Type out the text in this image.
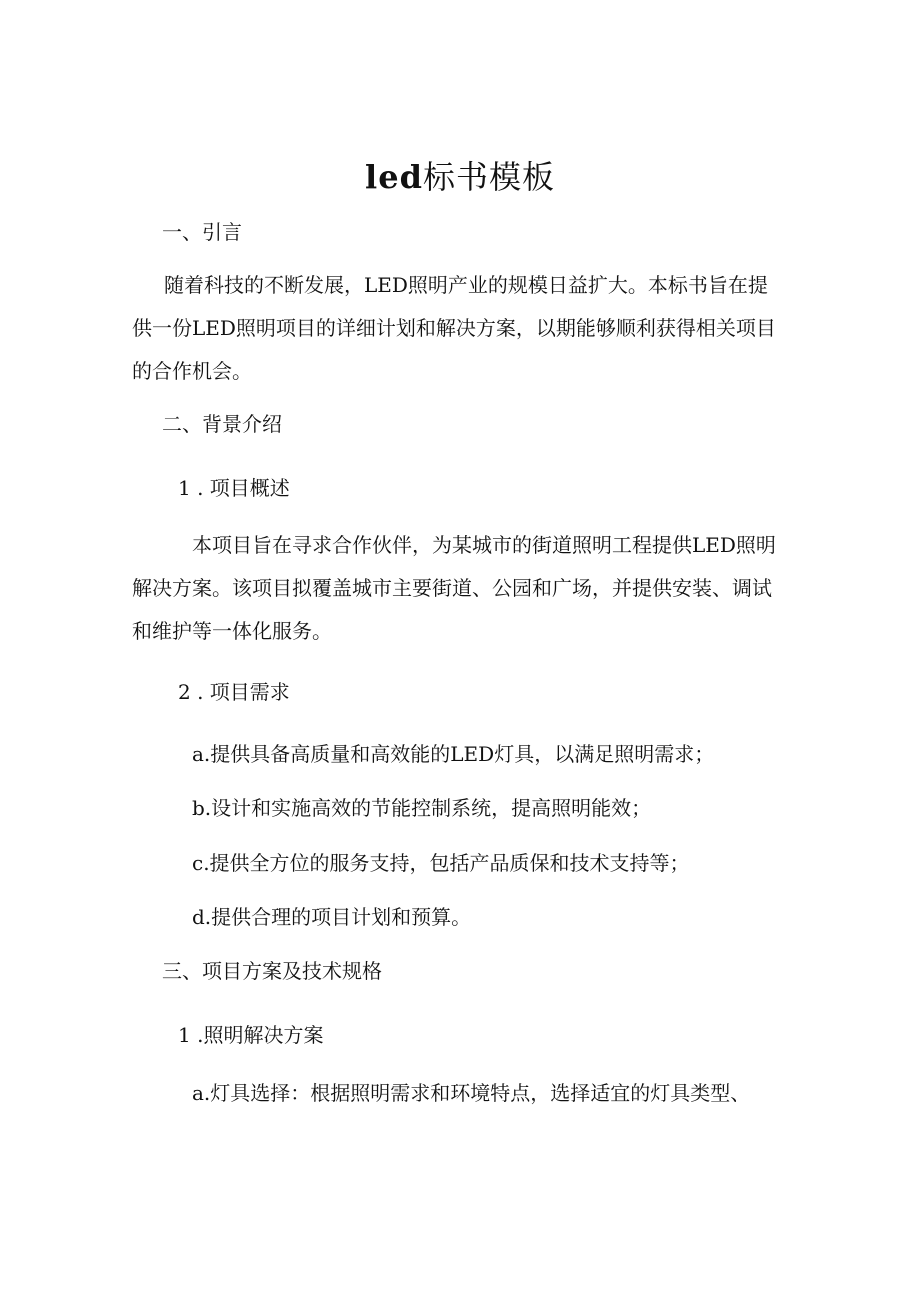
led标书模板
一、引言
随着科技的不断发展，LED照明产业的规模日益扩大。本标书旨在提
供一份LED照明项目的详细计划和解决方案，以期能够顺利获得相关项目
的合作机会。
二、背景介绍
1 . 项目概述
本项目旨在寻求合作伙伴，为某城市的街道照明工程提供LED照明
解决方案。该项目拟覆盖城市主要街道、公园和广场，并提供安装、调试
和维护等一体化服务。
2 . 项目需求
a.提供具备高质量和高效能的LED灯具，以满足照明需求；
b.设计和实施高效的节能控制系统，提高照明能效；
c.提供全方位的服务支持，包括产品质保和技术支持等；
d.提供合理的项目计划和预算。
三、项目方案及技术规格
1 .照明解决方案
a.灯具选择：根据照明需求和环境特点，选择适宜的灯具类型、
